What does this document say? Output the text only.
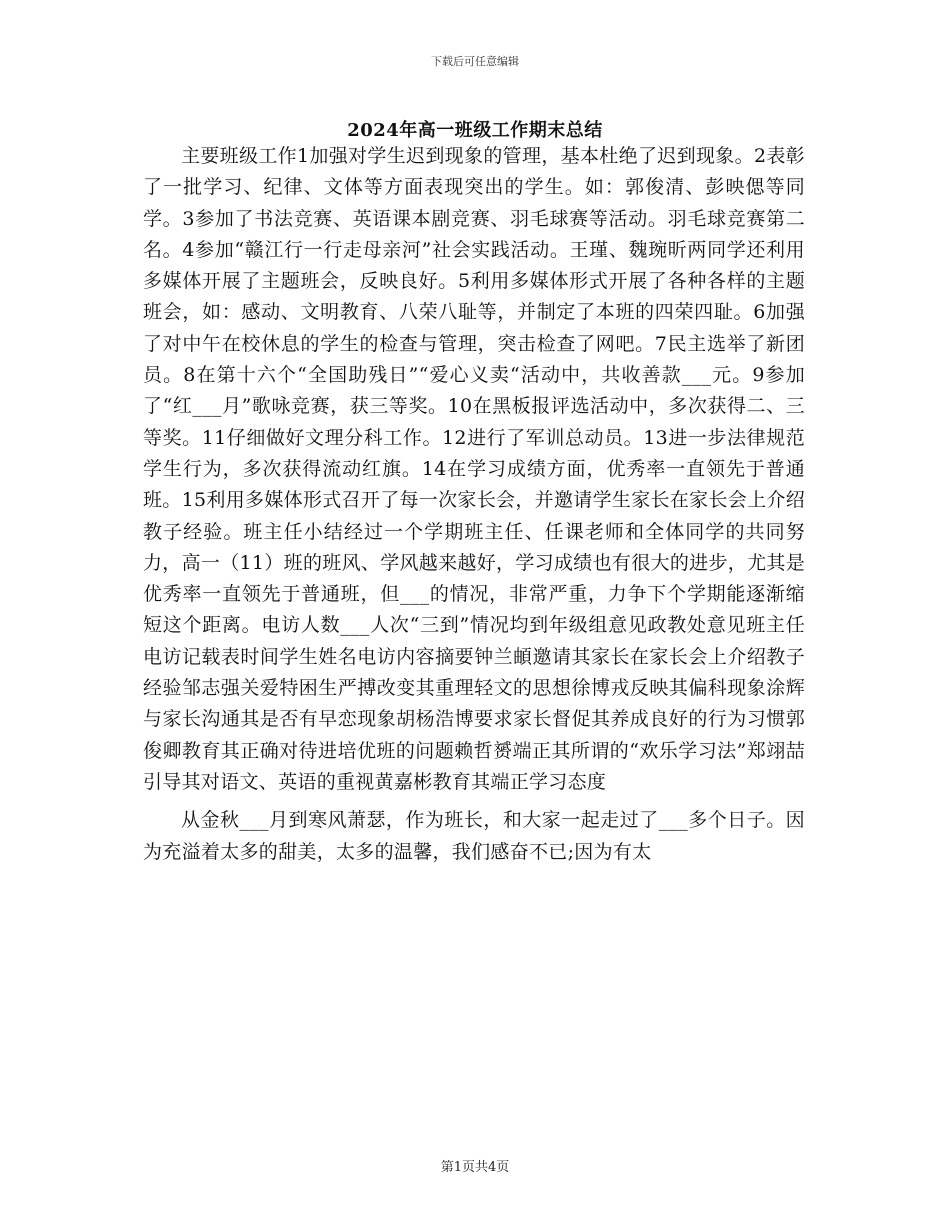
下载后可任意编辑
2024年高一班级工作期末总结

主要班级工作1加强对学生迟到现象的管理，基本杜绝了迟到现象。2表彰了一批学习、纪律、文体等方面表现突出的学生。如：郭俊清、彭映偲等同学。3参加了书法竞赛、英语课本剧竞赛、羽毛球赛等活动。羽毛球竞赛第二名。4参加“赣江行一行走母亲河”社会实践活动。王瑾、魏琬昕两同学还利用多媒体开展了主题班会，反映良好。5利用多媒体形式开展了各种各样的主题班会，如：感动、文明教育、八荣八耻等，并制定了本班的四荣四耻。6加强了对中午在校休息的学生的检查与管理，突击检查了网吧。7民主选举了新团员。8在第十六个“全国助残日”“爱心义卖“活动中，共收善款___元。9参加了“红___月”歌咏竞赛，获三等奖。10在黑板报评选活动中，多次获得二、三等奖。11仔细做好文理分科工作。12进行了军训总动员。13进一步法律规范学生行为，多次获得流动红旗。14在学习成绩方面，优秀率一直领先于普通班。15利用多媒体形式召开了每一次家长会，并邀请学生家长在家长会上介绍教子经验。班主任小结经过一个学期班主任、任课老师和全体同学的共同努力，高一（11）班的班风、学风越来越好，学习成绩也有很大的进步，尤其是优秀率一直领先于普通班，但___的情况，非常严重，力争下个学期能逐渐缩短这个距离。电访人数___人次“三到”情况均到年级组意见政教处意见班主任电访记载表时间学生姓名电访内容摘要钟兰頔邀请其家长在家长会上介绍教子经验邹志强关爱特困生严搏改变其重理轻文的思想徐博戎反映其偏科现象涂辉与家长沟通其是否有早恋现象胡杨浩博要求家长督促其养成良好的行为习惯郭俊卿教育其正确对待进培优班的问题赖哲赟端正其所谓的“欢乐学习法”郑翊喆引导其对语文、英语的重视黄嘉彬教育其端正学习态度

从金秋___月到寒风萧瑟，作为班长，和大家一起走过了___多个日子。因为充溢着太多的甜美，太多的温馨，我们感奋不已;因为有太

第1页共4页
